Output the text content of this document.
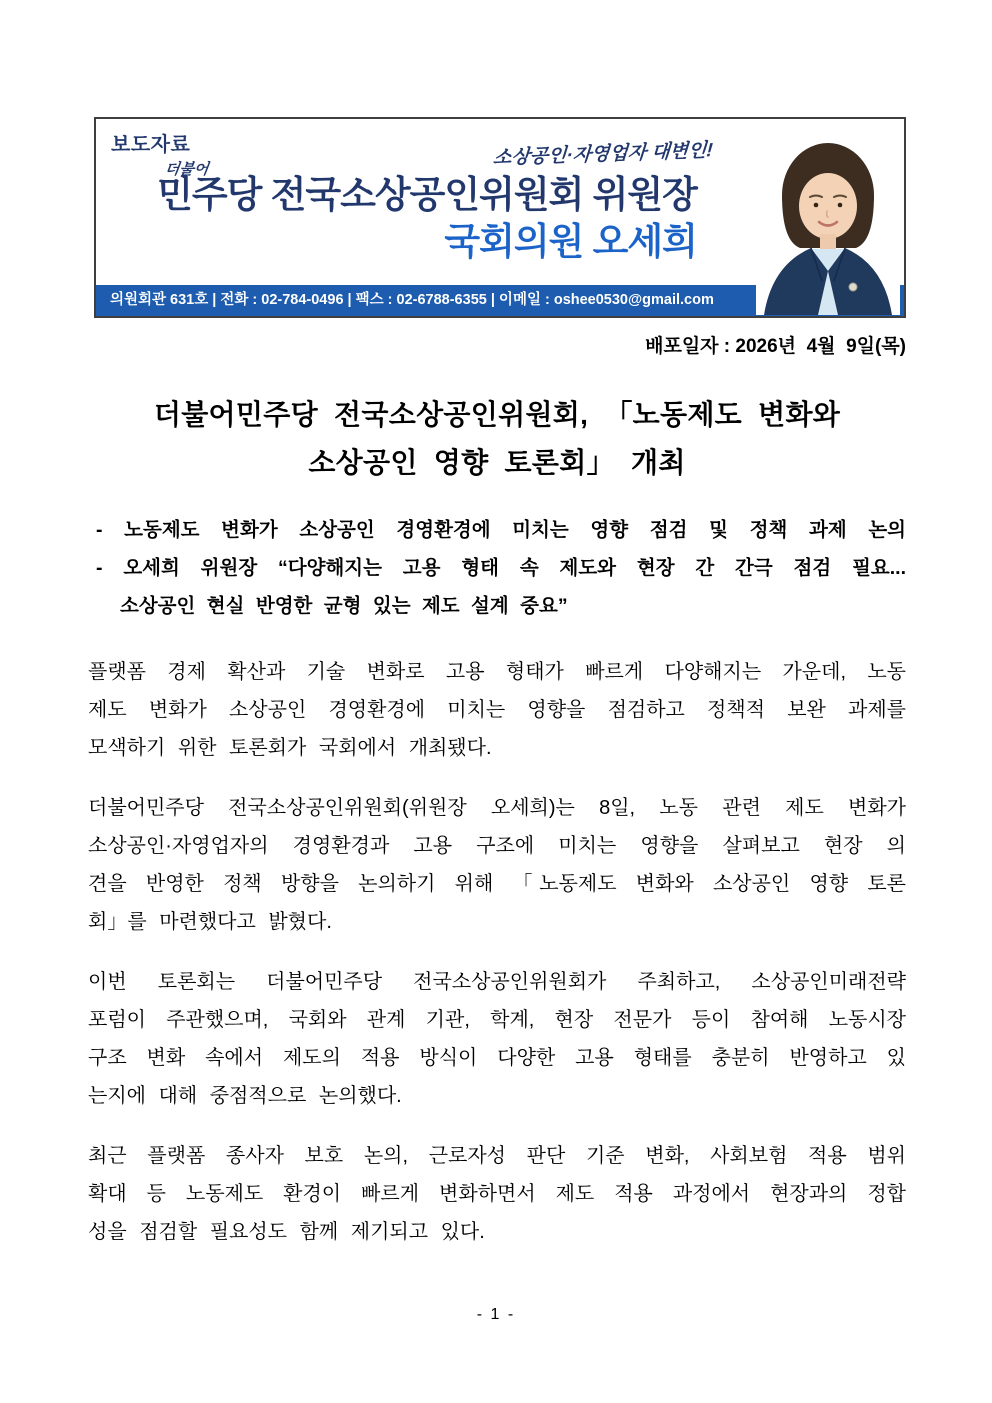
보도자료	소상공인·자영업자 대변인!
더불어
민주당 전국소상공인위원회 위원장
국회의원 오세희
의원회관 631호 | 전화 : 02-784-0496 | 팩스 : 02-6788-6355 | 이메일 : oshee0530@gmail.com
배포일자 : 2026년  4월  9일(목)
더불어민주당 전국소상공인위원회, 「노동제도 변화와
소상공인 영향 토론회」 개최
- 노동제도 변화가 소상공인 경영환경에 미치는 영향 점검 및 정책 과제 논의
- 오세희 위원장 “다양해지는 고용 형태 속 제도와 현장 간 간극 점검 필요...
소상공인 현실 반영한 균형 있는 제도 설계 중요”

플랫폼 경제 확산과 기술 변화로 고용 형태가 빠르게 다양해지는 가운데, 노동
제도 변화가 소상공인 경영환경에 미치는 영향을 점검하고 정책적 보완 과제를
모색하기 위한 토론회가 국회에서 개최됐다.

더불어민주당 전국소상공인위원회(위원장 오세희)는 8일, 노동 관련 제도 변화가
소상공인·자영업자의 경영환경과 고용 구조에 미치는 영향을 살펴보고 현장 의
견을 반영한 정책 방향을 논의하기 위해 「노동제도 변화와 소상공인 영향 토론
회」를 마련했다고 밝혔다.

이번 토론회는 더불어민주당 전국소상공인위원회가 주최하고, 소상공인미래전략
포럼이 주관했으며, 국회와 관계 기관, 학계, 현장 전문가 등이 참여해 노동시장
구조 변화 속에서 제도의 적용 방식이 다양한 고용 형태를 충분히 반영하고 있
는지에 대해 중점적으로 논의했다.

최근 플랫폼 종사자 보호 논의, 근로자성 판단 기준 변화, 사회보험 적용 범위
확대 등 노동제도 환경이 빠르게 변화하면서 제도 적용 과정에서 현장과의 정합
성을 점검할 필요성도 함께 제기되고 있다.

- 1 -
